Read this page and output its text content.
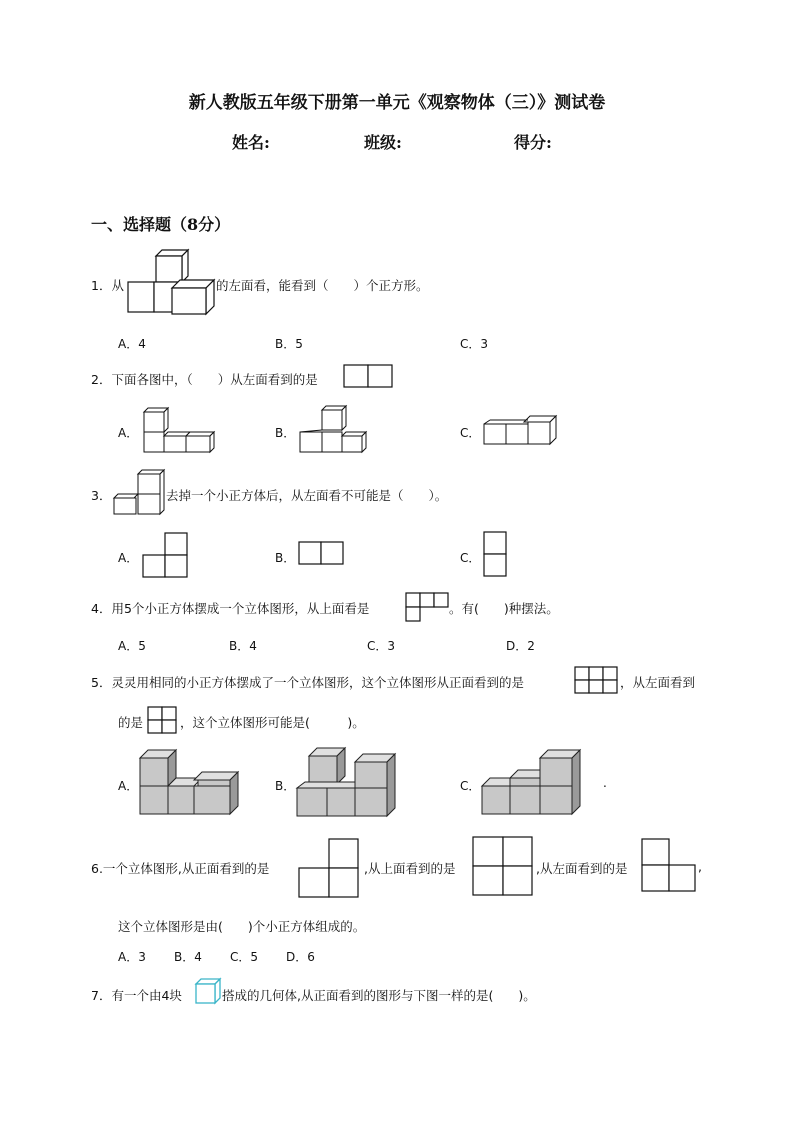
新人教版五年级下册第一单元《观察物体（三）》测试卷
姓名:	班级:	得分:
一、选择题（8分）
1．从	的左面看，能看到（　　）个正方形。
A．4	B．5	C．3
2．下面各图中，（　　）从左面看到的是
A．	B．	C．
3．	去掉一个小正方体后，从左面看不可能是（　　）。
A．	B．	C．
4．用5个小正方体摆成一个立体图形，从上面看是	。有(　　)种摆法。
A．5	B．4	C．3	D．2
5．灵灵用相同的小正方体摆成了一个立体图形，这个立体图形从正面看到的是	，从左面看到
的是	，这个立体图形可能是(　　　)。
A．	B．	C．	.
6.一个立体图形,从正面看到的是	,从上面看到的是	,从左面看到的是	,
这个立体图形是由(　　)个小正方体组成的。
A．3 B．4 C．5 D．6
7．有一个由4块	搭成的几何体,从正面看到的图形与下图一样的是(　　)。
